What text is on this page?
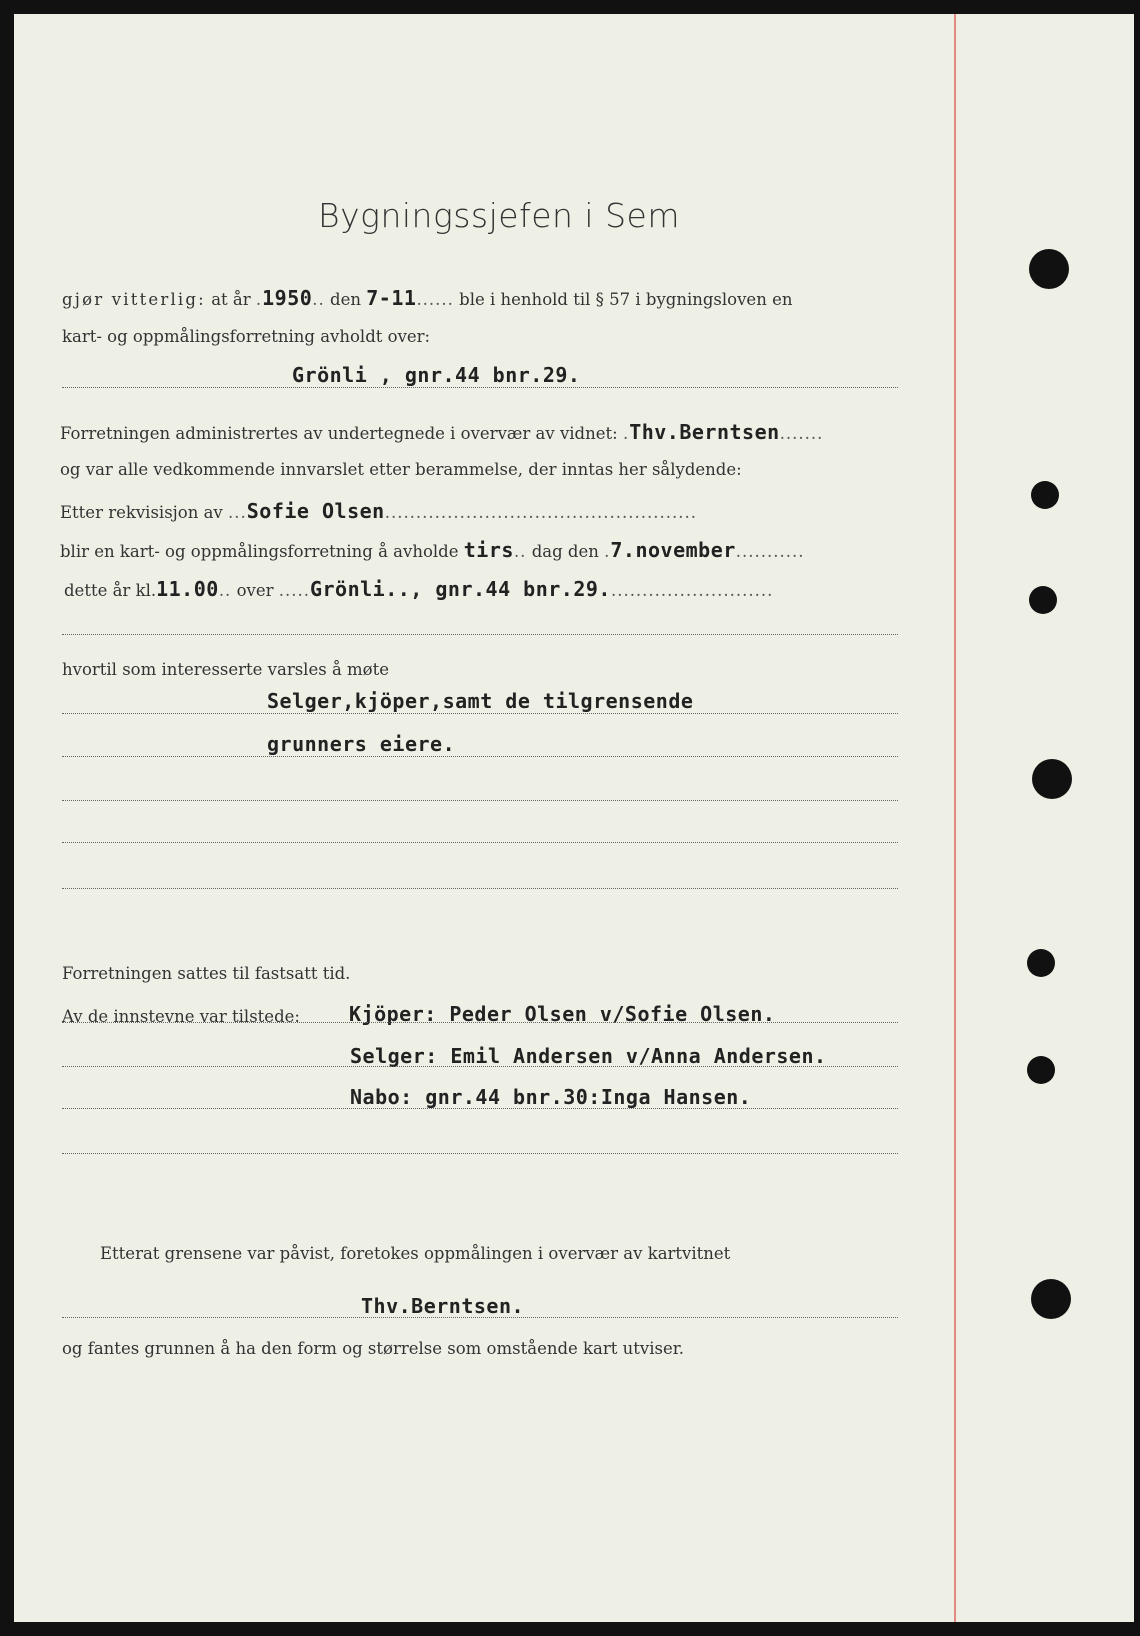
Bygningssjefen i Sem
gjør vitterlig: at år .1950.. den 7-11...... ble i henhold til § 57 i bygningsloven en
kart- og oppmålingsforretning avholdt over:
Grönli , gnr.44 bnr.29.
Forretningen administrertes av undertegnede i overvær av vidnet: .Thv.Berntsen.......
og var alle vedkommende innvarslet etter berammelse, der inntas her sålydende:
Etter rekvisisjon av ...Sofie Olsen..................................................
blir en kart- og oppmålingsforretning å avholde tirs.. dag den .7.november...........
dette år kl.11.00.. over .....Grönli.., gnr.44 bnr.29...........................
hvortil som interesserte varsles å møte
Selger,kjöper,samt de tilgrensende
grunners eiere.
Forretningen sattes til fastsatt tid.
Av de innstevne var tilstede: Kjöper: Peder Olsen v/Sofie Olsen.
Selger: Emil Andersen v/Anna Andersen.
Nabo: gnr.44 bnr.30:Inga Hansen.
Etterat grensene var påvist, foretokes oppmålingen i overvær av kartvitnet
Thv.Berntsen.
og fantes grunnen å ha den form og størrelse som omstående kart utviser.
